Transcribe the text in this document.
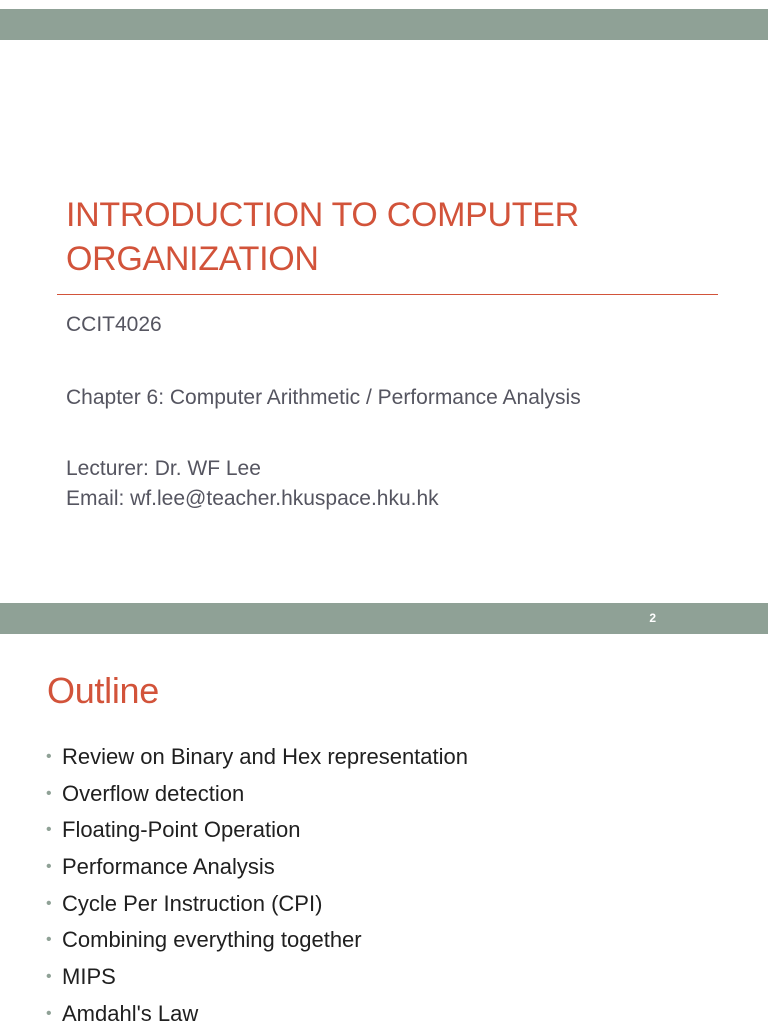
INTRODUCTION TO COMPUTER
ORGANIZATION
CCIT4026
Chapter 6: Computer Arithmetic / Performance Analysis
Lecturer: Dr. WF Lee
Email: wf.lee@teacher.hkuspace.hku.hk
2
Outline
• Review on Binary and Hex representation
• Overflow detection
• Floating-Point Operation
• Performance Analysis
• Cycle Per Instruction (CPI)
• Combining everything together
• MIPS
• Amdahl's Law
